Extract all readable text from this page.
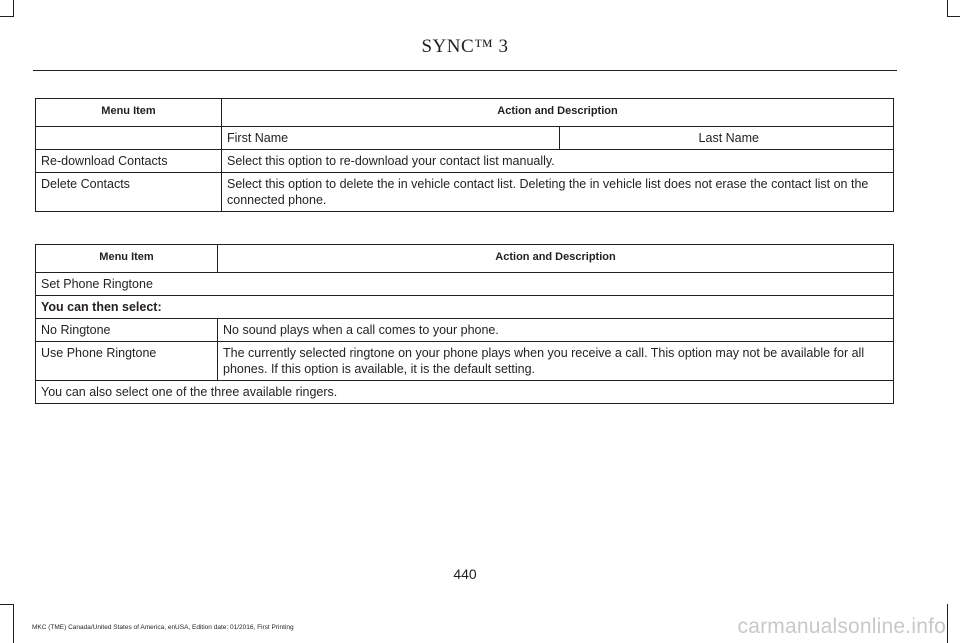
SYNC™ 3
Menu Item	Action and Description	
	First Name	Last Name
Re-download Contacts	Select this option to re-download your contact list manually.	
Delete Contacts	Select this option to delete the in vehicle contact list. Deleting the in vehicle list does not erase the contact list on the connected phone.	
Menu Item	Action and Description
Set Phone Ringtone	
You can then select:	
No Ringtone	No sound plays when a call comes to your phone.
Use Phone Ringtone	The currently selected ringtone on your phone plays when you receive a call. This option may not be available for all phones. If this option is available, it is the default setting.
You can also select one of the three available ringers.	
440
MKC (TME) Canada/United States of America, enUSA, Edition date: 01/2016, First Printing	carmanualsonline.info
